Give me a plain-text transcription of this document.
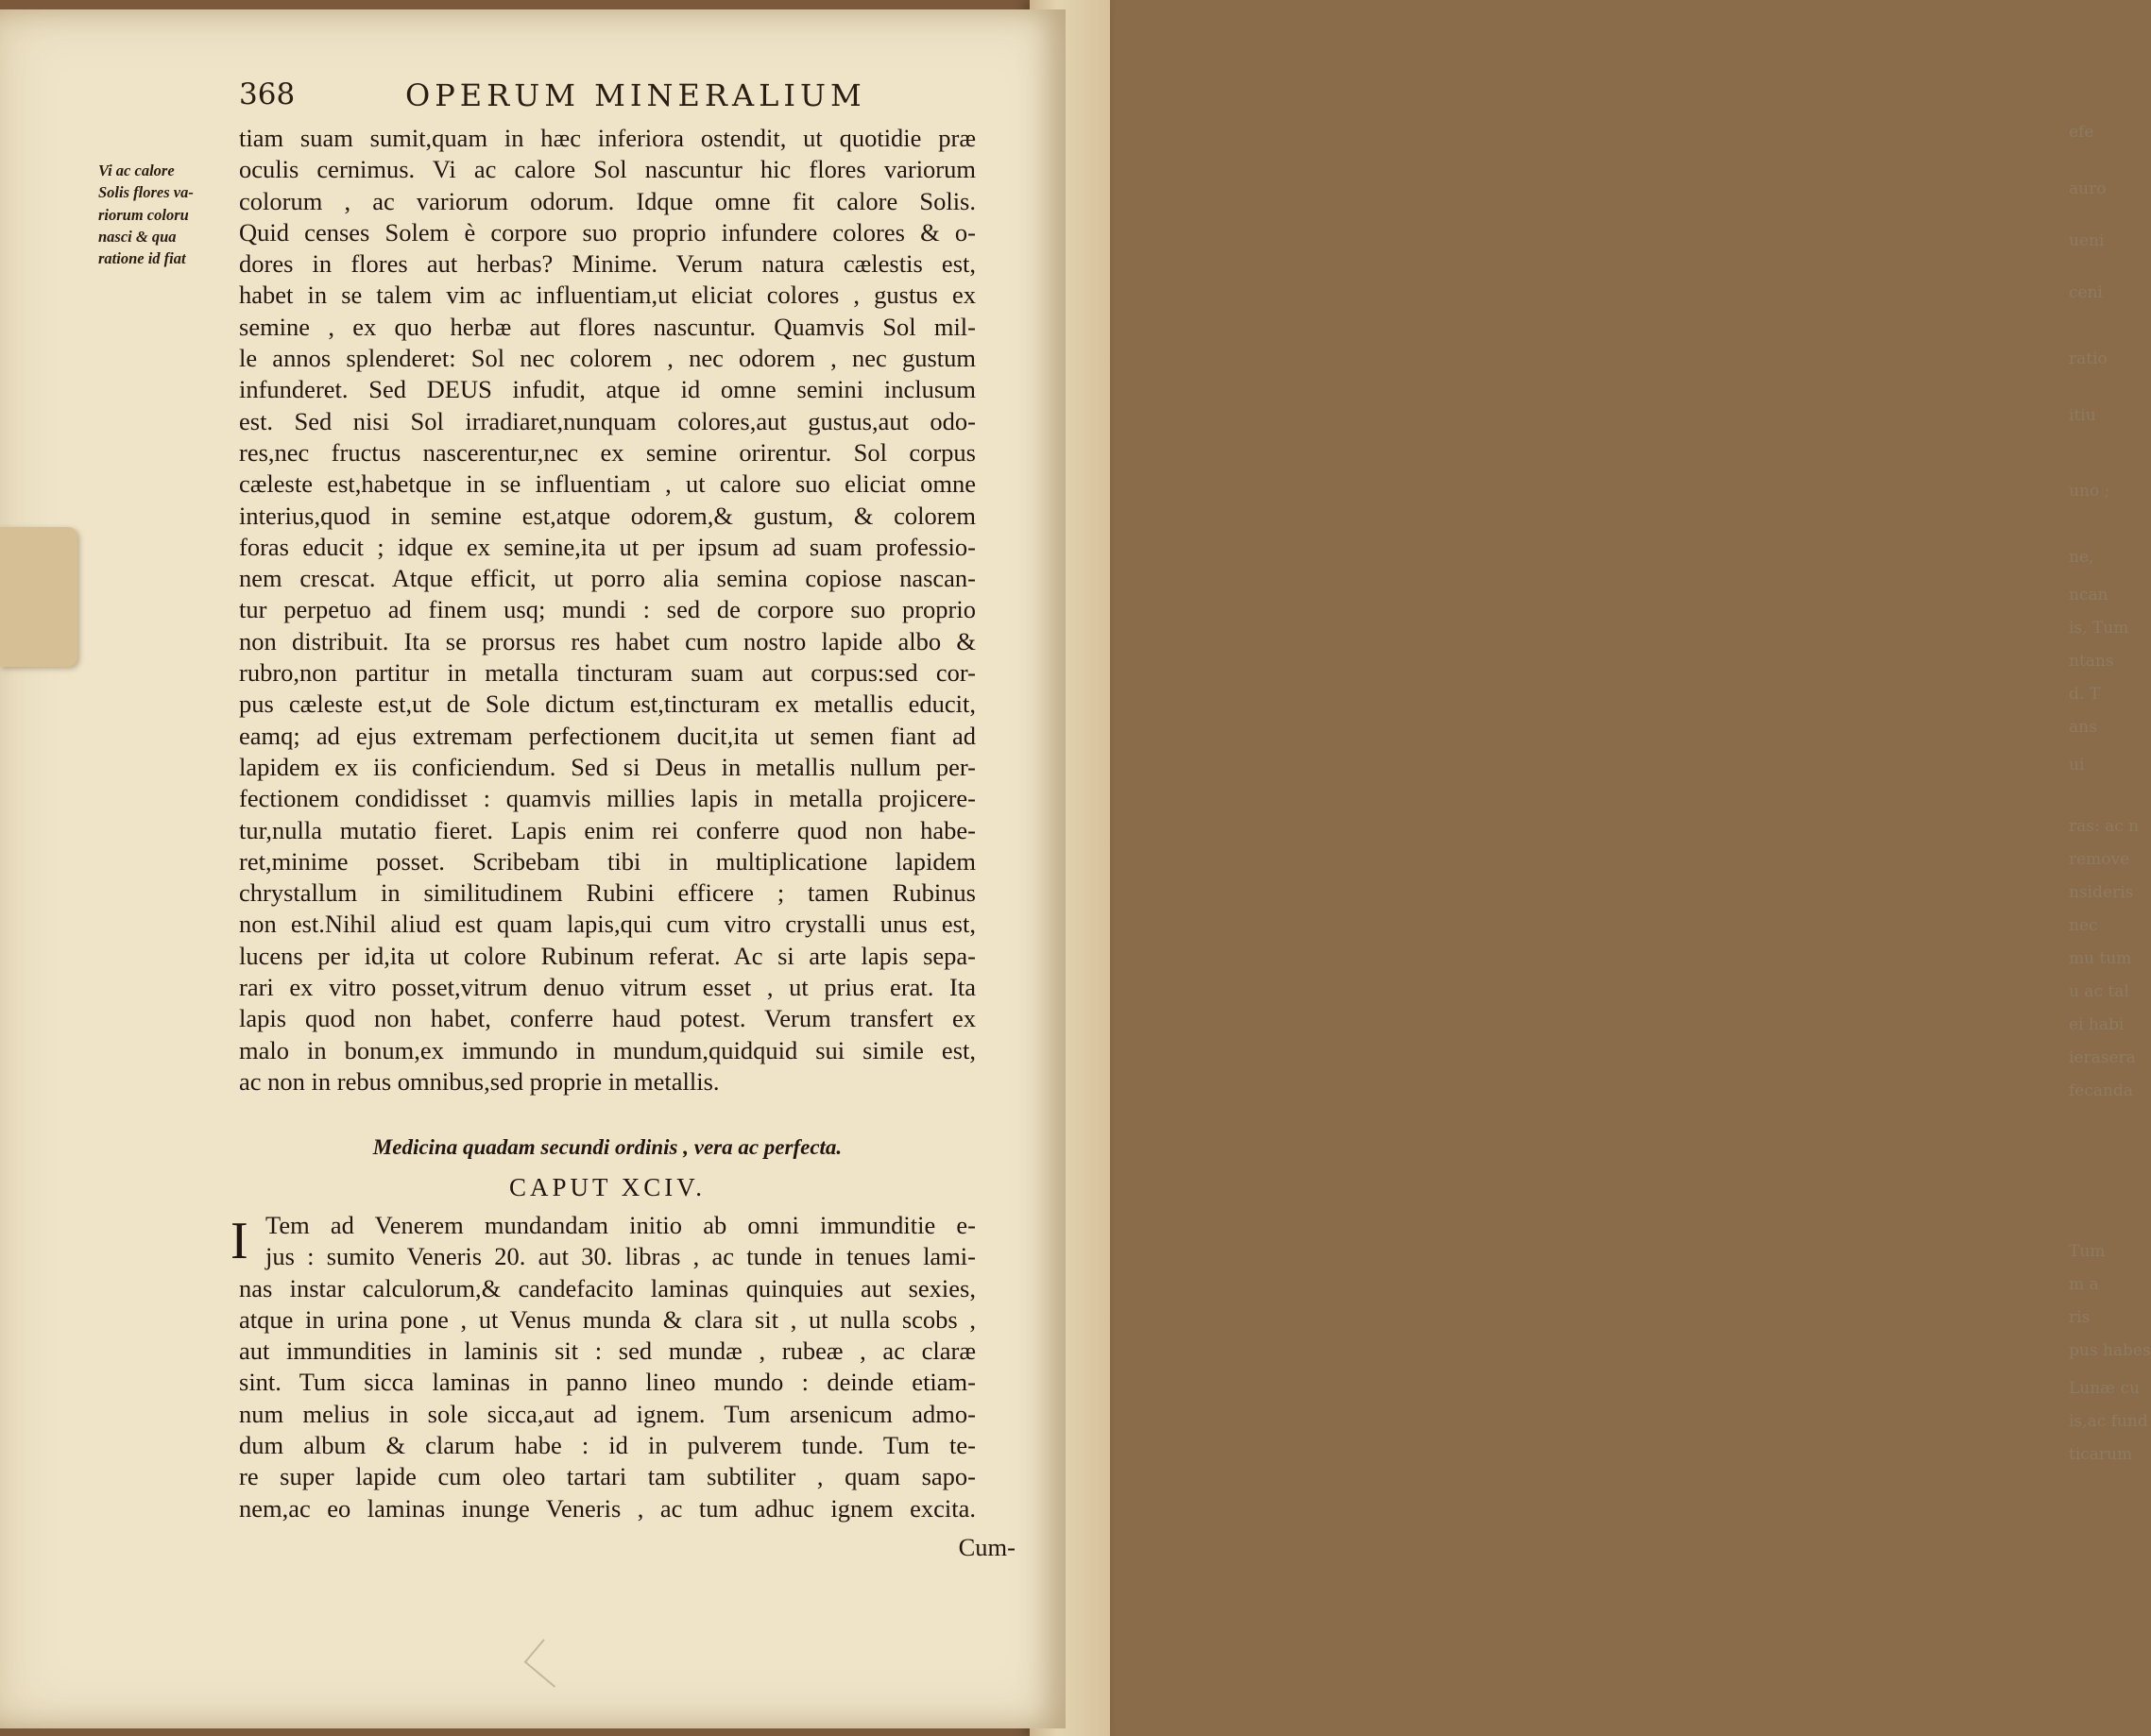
efe
auro
ueni
ceni
ratio
itiu
uno ;
ne,
ncan
is, Tum
ntans
d. T
ans
ui
ras: ac n
remove
nsideris
nec
mu tum
u ac tal
ei habi
ierasera
fecanda
Tum
m a
ris
pus habes
Lunæ cu
is,ac fund
ticarum
368	OPERUM MINERALIUM
Vi ac calore
Solis flores va-
riorum coloru
nasci & qua
ratione id fiat
tiam suam sumit,quam in hæc inferiora ostendit, ut quotidie præ
oculis cernimus. Vi ac calore Sol nascuntur hic flores variorum
colorum , ac variorum odorum. Idque omne fit calore Solis.
Quid censes Solem è corpore suo proprio infundere colores & o-
dores in flores aut herbas? Minime. Verum natura cælestis est,
habet in se talem vim ac influentiam,ut eliciat colores , gustus ex
semine , ex quo herbæ aut flores nascuntur. Quamvis Sol mil-
le annos splenderet: Sol nec colorem , nec odorem , nec gustum
infunderet. Sed DEUS infudit, atque id omne semini inclusum
est. Sed nisi Sol irradiaret,nunquam colores,aut gustus,aut odo-
res,nec fructus nascerentur,nec ex semine orirentur. Sol corpus
cæleste est,habetque in se influentiam , ut calore suo eliciat omne
interius,quod in semine est,atque odorem,& gustum, & colorem
foras educit ; idque ex semine,ita ut per ipsum ad suam professio-
nem crescat. Atque efficit, ut porro alia semina copiose nascan-
tur perpetuo ad finem usq; mundi : sed de corpore suo proprio
non distribuit. Ita se prorsus res habet cum nostro lapide albo &
rubro,non partitur in metalla tincturam suam aut corpus:sed cor-
pus cæleste est,ut de Sole dictum est,tincturam ex metallis educit,
eamq; ad ejus extremam perfectionem ducit,ita ut semen fiant ad
lapidem ex iis conficiendum. Sed si Deus in metallis nullum per-
fectionem condidisset : quamvis millies lapis in metalla projicere-
tur,nulla mutatio fieret. Lapis enim rei conferre quod non habe-
ret,minime posset. Scribebam tibi in multiplicatione lapidem
chrystallum in similitudinem Rubini efficere ; tamen Rubinus
non est.Nihil aliud est quam lapis,qui cum vitro crystalli unus est,
lucens per id,ita ut colore Rubinum referat. Ac si arte lapis sepa-
rari ex vitro posset,vitrum denuo vitrum esset , ut prius erat. Ita
lapis quod non habet, conferre haud potest. Verum transfert ex
malo in bonum,ex immundo in mundum,quidquid sui simile est,
ac non in rebus omnibus,sed proprie in metallis.
Medicina quadam secundi ordinis , vera ac perfecta.
CAPUT XCIV.
I Tem ad Venerem mundandam initio ab omni immunditie e-
jus : sumito Veneris 20. aut 30. libras , ac tunde in tenues lami-
nas instar calculorum,& candefacito laminas quinquies aut sexies,
atque in urina pone , ut Venus munda & clara sit , ut nulla scobs ,
aut immundities in laminis sit : sed mundæ , rubeæ , ac claræ
sint. Tum sicca laminas in panno lineo mundo : deinde etiam-
num melius in sole sicca,aut ad ignem. Tum arsenicum admo-
dum album & clarum habe : id in pulverem tunde. Tum te-
re super lapide cum oleo tartari tam subtiliter , quam sapo-
nem,ac eo laminas inunge Veneris , ac tum adhuc ignem excita.
Cum-
